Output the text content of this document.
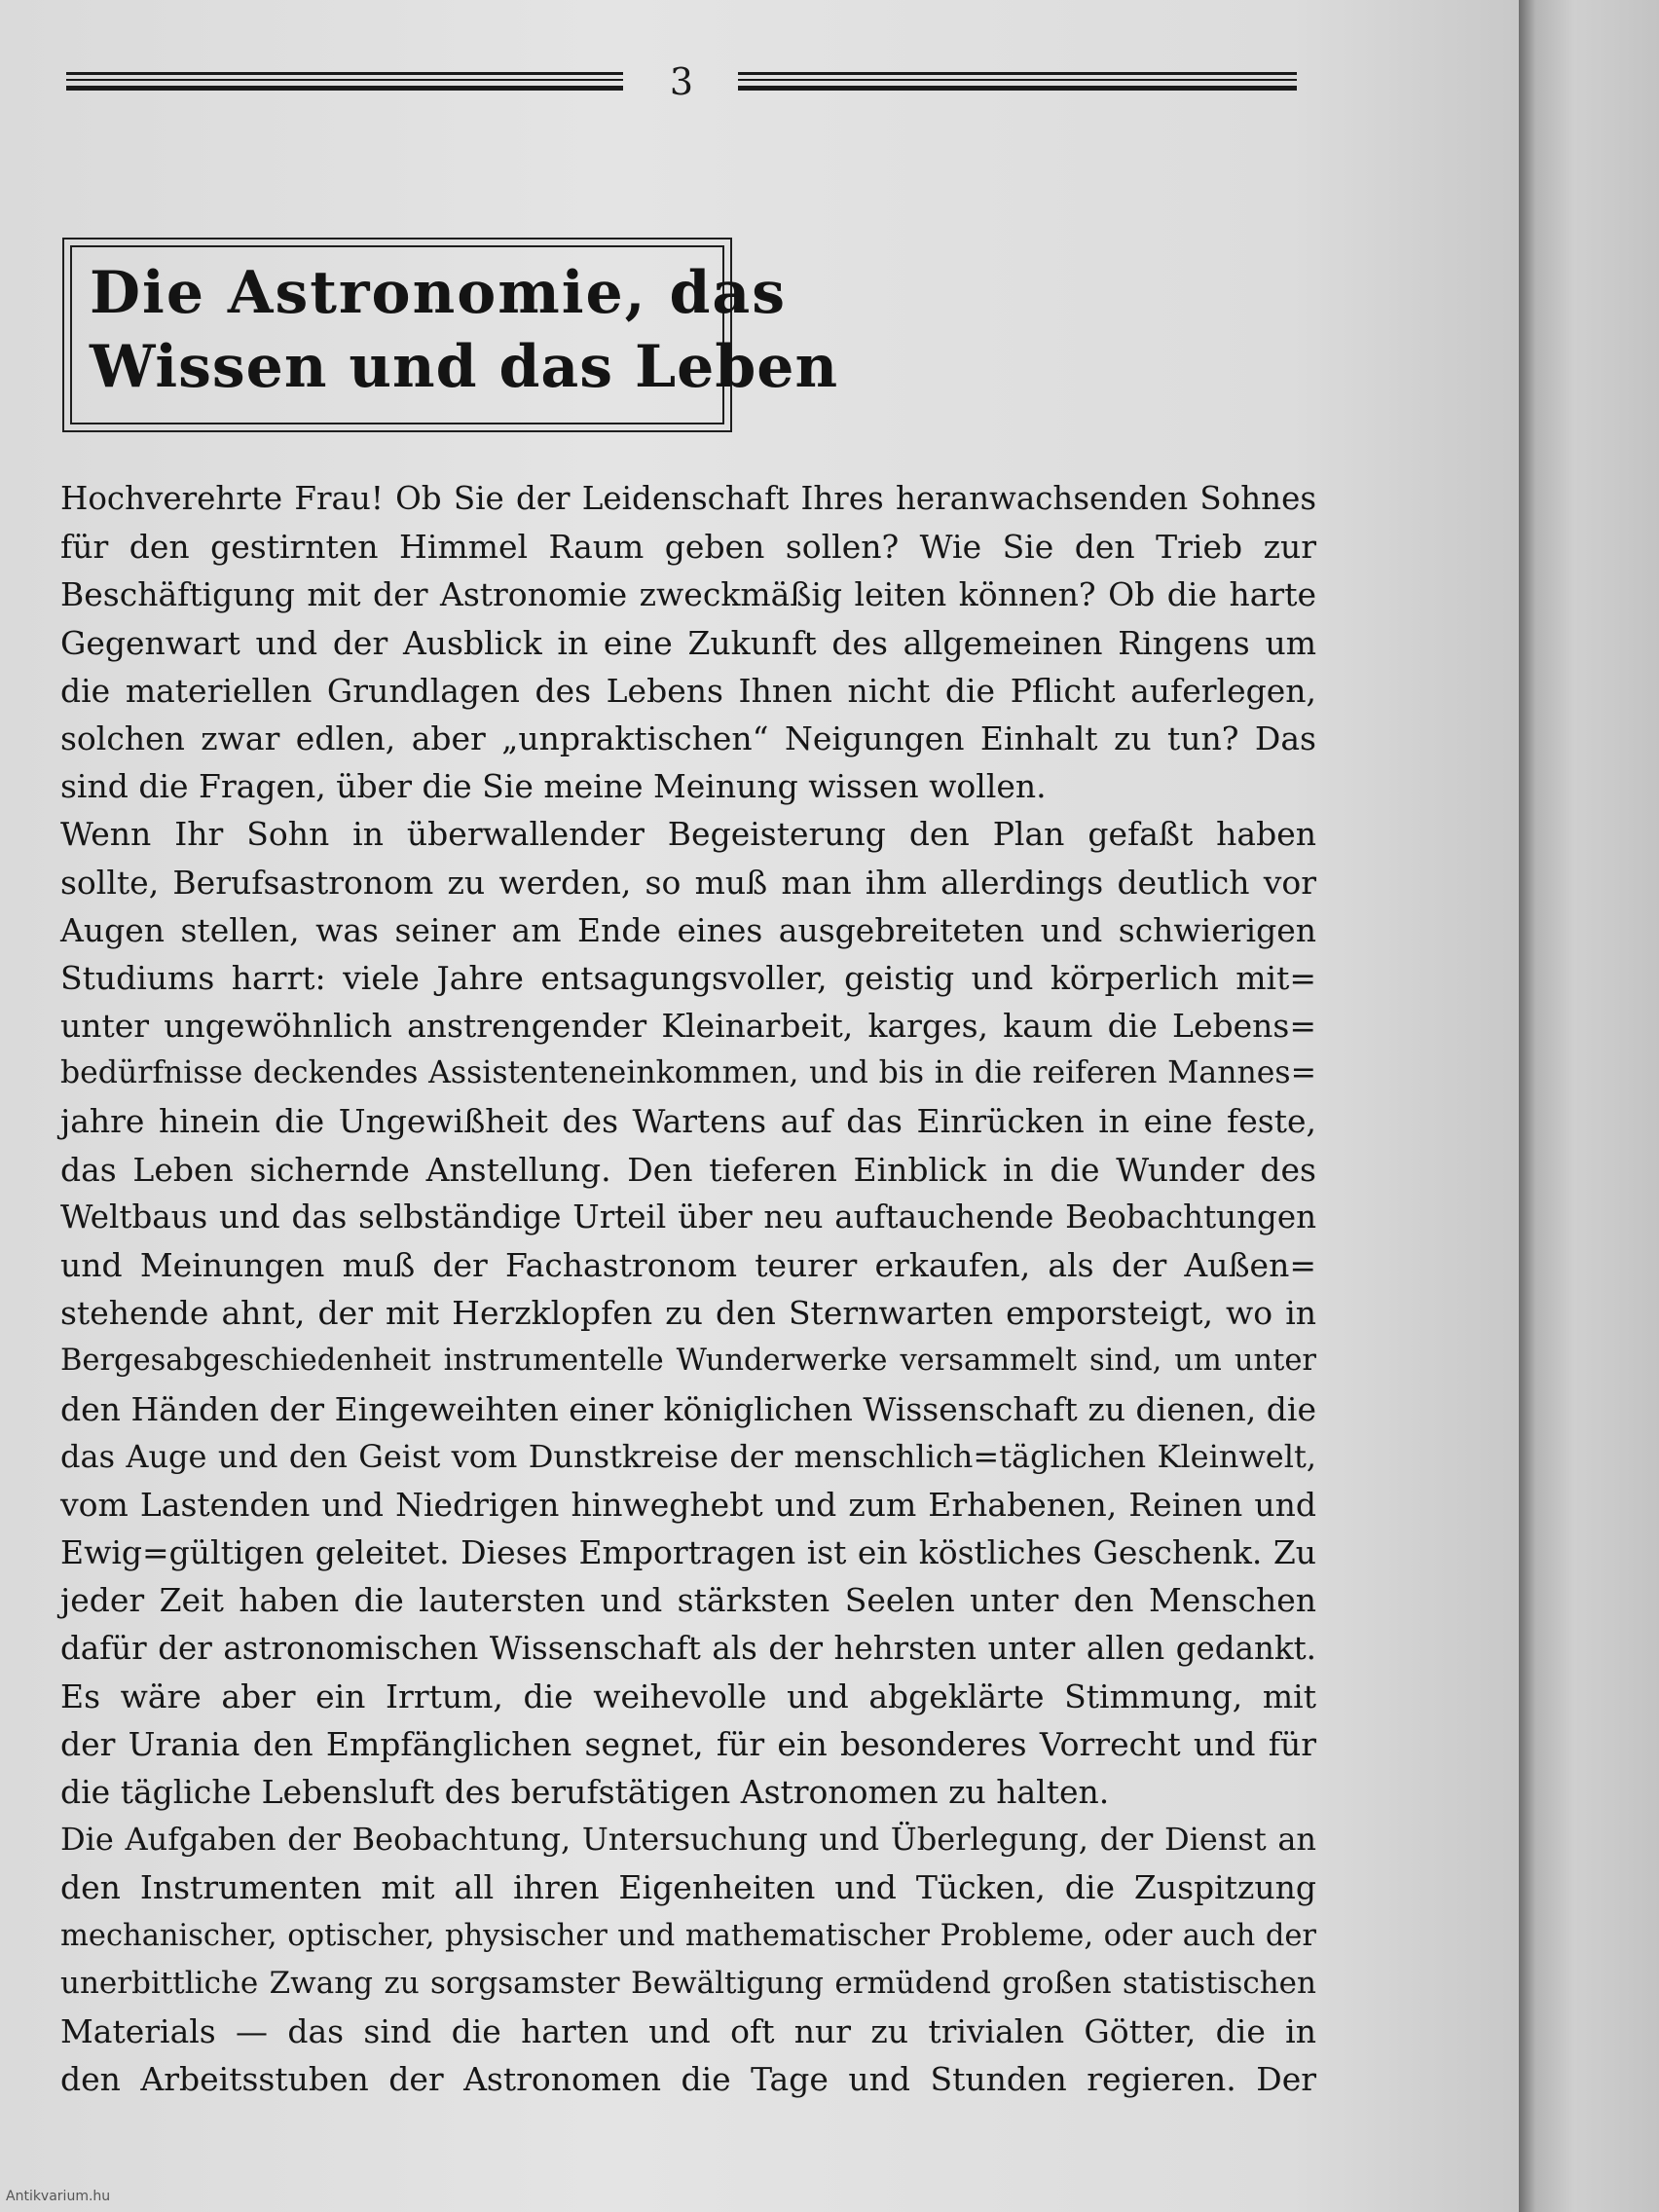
3
Die Astronomie, das
Wissen und das Leben
Hochverehrte Frau! Ob Sie der Leidenschaft Ihres heranwachsenden Sohnes
für den gestirnten Himmel Raum geben sollen? Wie Sie den Trieb zur
Beschäftigung mit der Astronomie zweckmäßig leiten können? Ob die harte
Gegenwart und der Ausblick in eine Zukunft des allgemeinen Ringens um
die materiellen Grundlagen des Lebens Ihnen nicht die Pflicht auferlegen,
solchen zwar edlen, aber „unpraktischen“ Neigungen Einhalt zu tun? Das
sind die Fragen, über die Sie meine Meinung wissen wollen.
Wenn Ihr Sohn in überwallender Begeisterung den Plan gefaßt haben
sollte, Berufsastronom zu werden, so muß man ihm allerdings deutlich vor
Augen stellen, was seiner am Ende eines ausgebreiteten und schwierigen
Studiums harrt: viele Jahre entsagungsvoller, geistig und körperlich mit=
unter ungewöhnlich anstrengender Kleinarbeit, karges, kaum die Lebens=
bedürfnisse deckendes Assistenteneinkommen, und bis in die reiferen Mannes=
jahre hinein die Ungewißheit des Wartens auf das Einrücken in eine feste,
das Leben sichernde Anstellung. Den tieferen Einblick in die Wunder des
Weltbaus und das selbständige Urteil über neu auftauchende Beobachtungen
und Meinungen muß der Fachastronom teurer erkaufen, als der Außen=
stehende ahnt, der mit Herzklopfen zu den Sternwarten emporsteigt, wo in
Bergesabgeschiedenheit instrumentelle Wunderwerke versammelt sind, um unter
den Händen der Eingeweihten einer königlichen Wissenschaft zu dienen, die
das Auge und den Geist vom Dunstkreise der menschlich=täglichen Kleinwelt,
vom Lastenden und Niedrigen hinweghebt und zum Erhabenen, Reinen und
Ewig=gültigen geleitet. Dieses Emportragen ist ein köstliches Geschenk. Zu
jeder Zeit haben die lautersten und stärksten Seelen unter den Menschen
dafür der astronomischen Wissenschaft als der hehrsten unter allen gedankt.
Es wäre aber ein Irrtum, die weihevolle und abgeklärte Stimmung, mit
der Urania den Empfänglichen segnet, für ein besonderes Vorrecht und für
die tägliche Lebensluft des berufstätigen Astronomen zu halten.
Die Aufgaben der Beobachtung, Untersuchung und Überlegung, der Dienst an
den Instrumenten mit all ihren Eigenheiten und Tücken, die Zuspitzung
mechanischer, optischer, physischer und mathematischer Probleme, oder auch der
unerbittliche Zwang zu sorgsamster Bewältigung ermüdend großen statistischen
Materials — das sind die harten und oft nur zu trivialen Götter, die in
den Arbeitsstuben der Astronomen die Tage und Stunden regieren. Der
Antikvarium.hu
